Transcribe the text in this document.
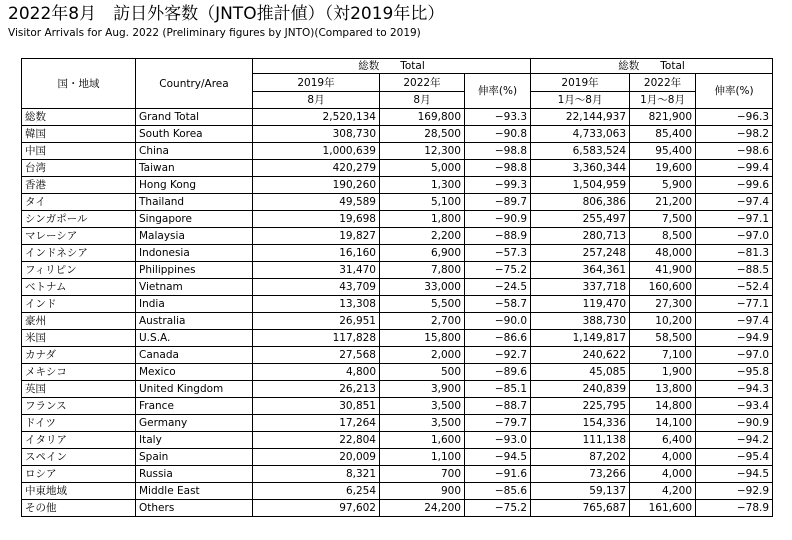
2022年8月　訪日外客数（JNTO推計値）（対2019年比）
Visitor Arrivals for Aug. 2022 (Preliminary figures by JNTO)(Compared to 2019)
国・地域	Country/Area	総数　　Total			総数　　Total		
		2019年	2022年	伸率(%)	2019年	2022年	伸率(%)
		8月	8月		1月～8月	1月～8月	
総数	Grand Total	2,520,134	169,800	−93.3	22,144,937	821,900	−96.3
韓国	South Korea	308,730	28,500	−90.8	4,733,063	85,400	−98.2
中国	China	1,000,639	12,300	−98.8	6,583,524	95,400	−98.6
台湾	Taiwan	420,279	5,000	−98.8	3,360,344	19,600	−99.4
香港	Hong Kong	190,260	1,300	−99.3	1,504,959	5,900	−99.6
タイ	Thailand	49,589	5,100	−89.7	806,386	21,200	−97.4
シンガポール	Singapore	19,698	1,800	−90.9	255,497	7,500	−97.1
マレーシア	Malaysia	19,827	2,200	−88.9	280,713	8,500	−97.0
インドネシア	Indonesia	16,160	6,900	−57.3	257,248	48,000	−81.3
フィリピン	Philippines	31,470	7,800	−75.2	364,361	41,900	−88.5
ベトナム	Vietnam	43,709	33,000	−24.5	337,718	160,600	−52.4
インド	India	13,308	5,500	−58.7	119,470	27,300	−77.1
豪州	Australia	26,951	2,700	−90.0	388,730	10,200	−97.4
米国	U.S.A.	117,828	15,800	−86.6	1,149,817	58,500	−94.9
カナダ	Canada	27,568	2,000	−92.7	240,622	7,100	−97.0
メキシコ	Mexico	4,800	500	−89.6	45,085	1,900	−95.8
英国	United Kingdom	26,213	3,900	−85.1	240,839	13,800	−94.3
フランス	France	30,851	3,500	−88.7	225,795	14,800	−93.4
ドイツ	Germany	17,264	3,500	−79.7	154,336	14,100	−90.9
イタリア	Italy	22,804	1,600	−93.0	111,138	6,400	−94.2
スペイン	Spain	20,009	1,100	−94.5	87,202	4,000	−95.4
ロシア	Russia	8,321	700	−91.6	73,266	4,000	−94.5
中東地域	Middle East	6,254	900	−85.6	59,137	4,200	−92.9
その他	Others	97,602	24,200	−75.2	765,687	161,600	−78.9
